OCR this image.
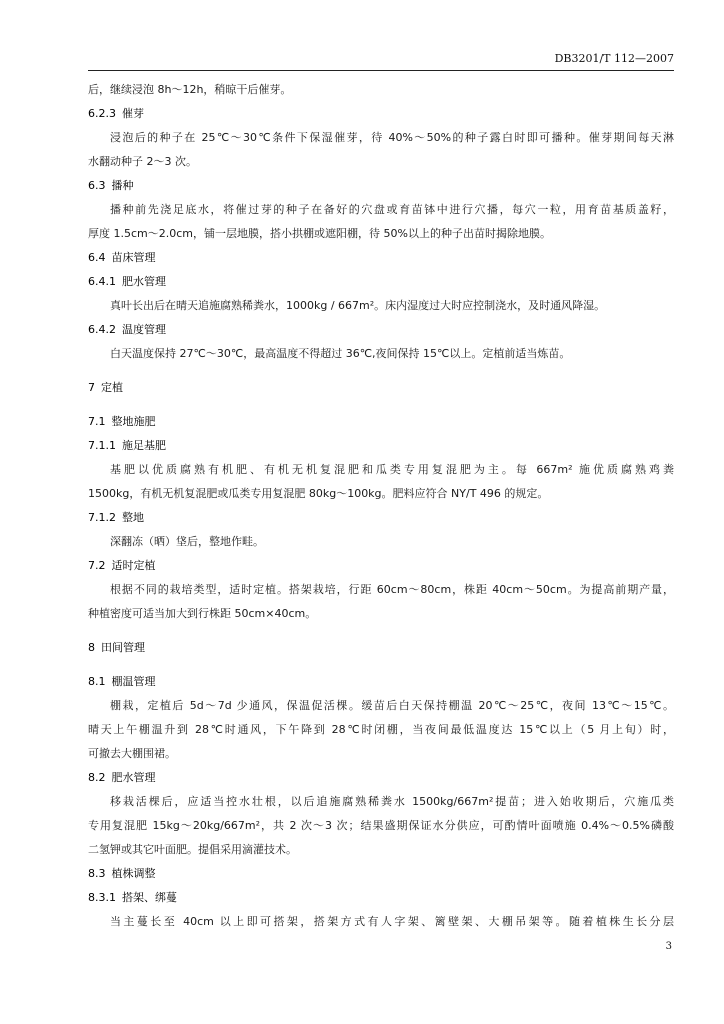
DB3201/T 112—2007
后，继续浸泡 8h～12h，稍晾干后催芽。
6.2.3 催芽
浸泡后的种子在 25℃～30℃条件下保湿催芽，待 40%～50%的种子露白时即可播种。催芽期间每天淋
水翻动种子 2～3 次。
6.3 播种
播种前先浇足底水，将催过芽的种子在备好的穴盘或育苗钵中进行穴播，每穴一粒，用育苗基质盖籽，
厚度 1.5cm～2.0cm，铺一层地膜，搭小拱棚或遮阳棚，待 50%以上的种子出苗时揭除地膜。
6.4 苗床管理
6.4.1 肥水管理
真叶长出后在晴天追施腐熟稀粪水，1000kg / 667m²。床内湿度过大时应控制浇水，及时通风降湿。
6.4.2 温度管理
白天温度保持 27℃～30℃，最高温度不得超过 36℃,夜间保持 15℃以上。定植前适当炼苗。
7 定植
7.1 整地施肥
7.1.1 施足基肥
基肥以优质腐熟有机肥、有机无机复混肥和瓜类专用复混肥为主。每 667m² 施优质腐熟鸡粪
1500kg，有机无机复混肥或瓜类专用复混肥 80kg～100kg。肥料应符合 NY/T 496 的规定。
7.1.2 整地
深翻冻（晒）垡后，整地作畦。
7.2 适时定植
根据不同的栽培类型，适时定植。搭架栽培，行距 60cm～80cm，株距 40cm～50cm。为提高前期产量，
种植密度可适当加大到行株距 50cm×40cm。
8 田间管理
8.1 棚温管理
棚栽，定植后 5d～7d 少通风，保温促活棵。缓苗后白天保持棚温 20℃～25℃，夜间 13℃～15℃。
晴天上午棚温升到 28℃时通风，下午降到 28℃时闭棚，当夜间最低温度达 15℃以上（5 月上旬）时，
可撤去大棚围裙。
8.2 肥水管理
移栽活棵后，应适当控水壮根，以后追施腐熟稀粪水 1500kg/667m²提苗；进入始收期后，穴施瓜类
专用复混肥 15kg～20kg/667m²，共 2 次～3 次；结果盛期保证水分供应，可酌情叶面喷施 0.4%～0.5%磷酸
二氢钾或其它叶面肥。提倡采用滴灌技术。
8.3 植株调整
8.3.1 搭架、绑蔓
当主蔓长至 40cm 以上即可搭架，搭架方式有人字架、篱壁架、大棚吊架等。随着植株生长分层
3
